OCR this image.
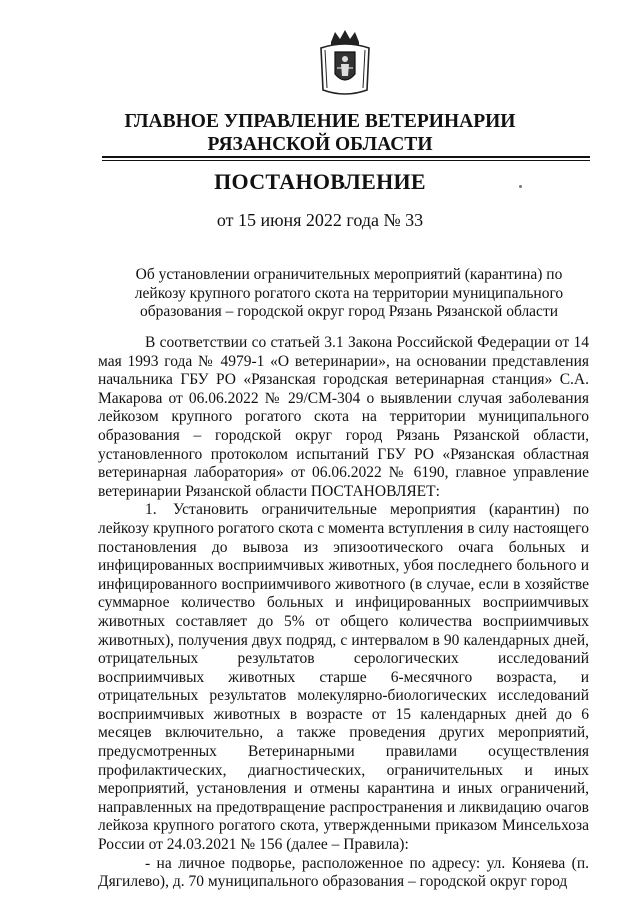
ГЛАВНОЕ УПРАВЛЕНИЕ ВЕТЕРИНАРИИ
РЯЗАНСКОЙ ОБЛАСТИ
ПОСТАНОВЛЕНИЕ
от 15 июня 2022 года № 33
Об установлении ограничительных мероприятий (карантина) по лейкозу крупного рогатого скота на территории муниципального образования – городской округ город Рязань Рязанской области

В соответствии со статьей 3.1 Закона Российской Федерации от 14 мая 1993 года № 4979-1 «О ветеринарии», на основании представления начальника ГБУ РО «Рязанская городская ветеринарная станция» С.А. Макарова от 06.06.2022 № 29/СМ-304 о выявлении случая заболевания лейкозом крупного рогатого скота на территории муниципального образования – городской округ город Рязань Рязанской области, установленного протоколом испытаний ГБУ РО «Рязанская областная ветеринарная лаборатория» от 06.06.2022 № 6190, главное управление ветеринарии Рязанской области ПОСТАНОВЛЯЕТ:

1. Установить ограничительные мероприятия (карантин) по лейкозу крупного рогатого скота с момента вступления в силу настоящего постановления до вывоза из эпизоотического очага больных и инфицированных восприимчивых животных, убоя последнего больного и инфицированного восприимчивого животного (в случае, если в хозяйстве суммарное количество больных и инфицированных восприимчивых животных составляет до 5% от общего количества восприимчивых животных), получения двух подряд, с интервалом в 90 календарных дней, отрицательных результатов серологических исследований восприимчивых животных старше 6-месячного возраста, и отрицательных результатов молекулярно-биологических исследований восприимчивых животных в возрасте от 15 календарных дней до 6 месяцев включительно, а также проведения других мероприятий, предусмотренных Ветеринарными правилами осуществления профилактических, диагностических, ограничительных и иных мероприятий, установления и отмены карантина и иных ограничений, направленных на предотвращение распространения и ликвидацию очагов лейкоза крупного рогатого скота, утвержденными приказом Минсельхоза России от 24.03.2021 № 156 (далее – Правила):

- на личное подворье, расположенное по адресу: ул. Коняева (п. Дягилево), д. 70 муниципального образования – городской округ город
